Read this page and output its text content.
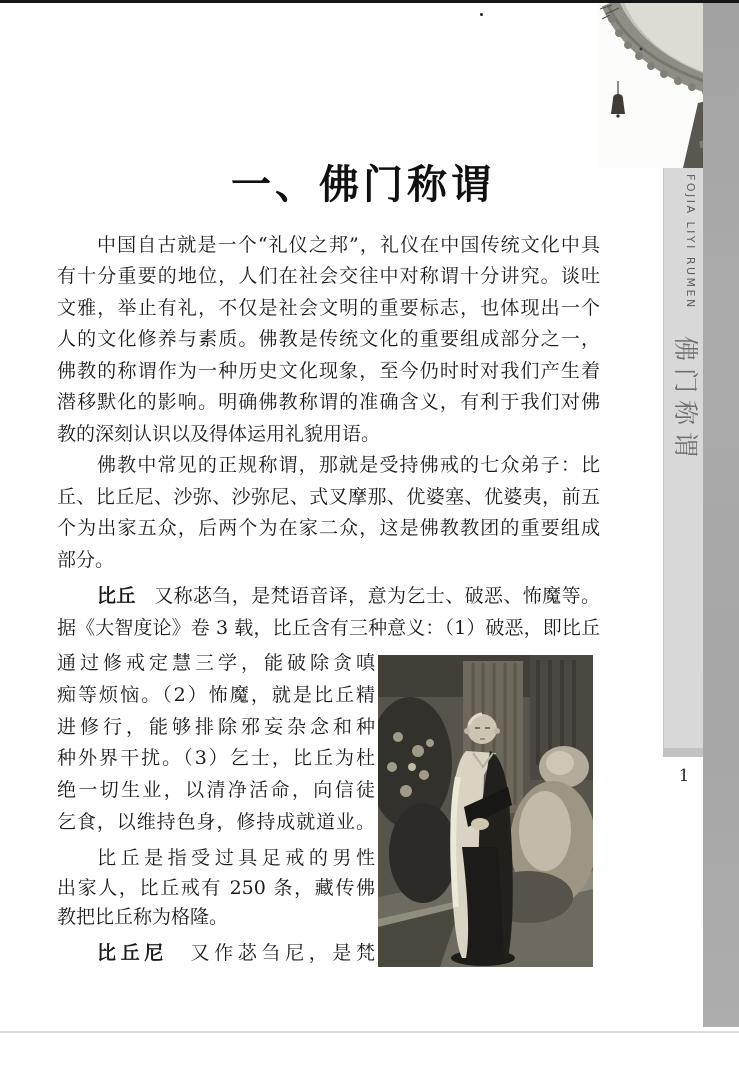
FOJIA LIYI RUMEN
佛门称谓
1
一、佛门称谓
中国自古就是一个“礼仪之邦”，礼仪在中国传统文化中具
有十分重要的地位，人们在社会交往中对称谓十分讲究。谈吐
文雅，举止有礼，不仅是社会文明的重要标志，也体现出一个
人的文化修养与素质。佛教是传统文化的重要组成部分之一，
佛教的称谓作为一种历史文化现象，至今仍时时对我们产生着
潜移默化的影响。明确佛教称谓的准确含义，有利于我们对佛
教的深刻认识以及得体运用礼貌用语。
佛教中常见的正规称谓，那就是受持佛戒的七众弟子：比
丘、比丘尼、沙弥、沙弥尼、式叉摩那、优婆塞、优婆夷，前五
个为出家五众，后两个为在家二众，这是佛教教团的重要组成
部分。
比丘 又称苾刍，是梵语音译，意为乞士、破恶、怖魔等。
据《大智度论》卷 3 载，比丘含有三种意义：（1）破恶，即比丘
通过修戒定慧三学，能破除贪嗔
痴等烦恼。（2）怖魔，就是比丘精
进修行，能够排除邪妄杂念和种
种外界干扰。（3）乞士，比丘为杜
绝一切生业，以清净活命，向信徒
乞食，以维持色身，修持成就道业。
比丘是指受过具足戒的男性
出家人，比丘戒有 250 条，藏传佛
教把比丘称为格隆。
比丘尼 又作苾刍尼，是梵
